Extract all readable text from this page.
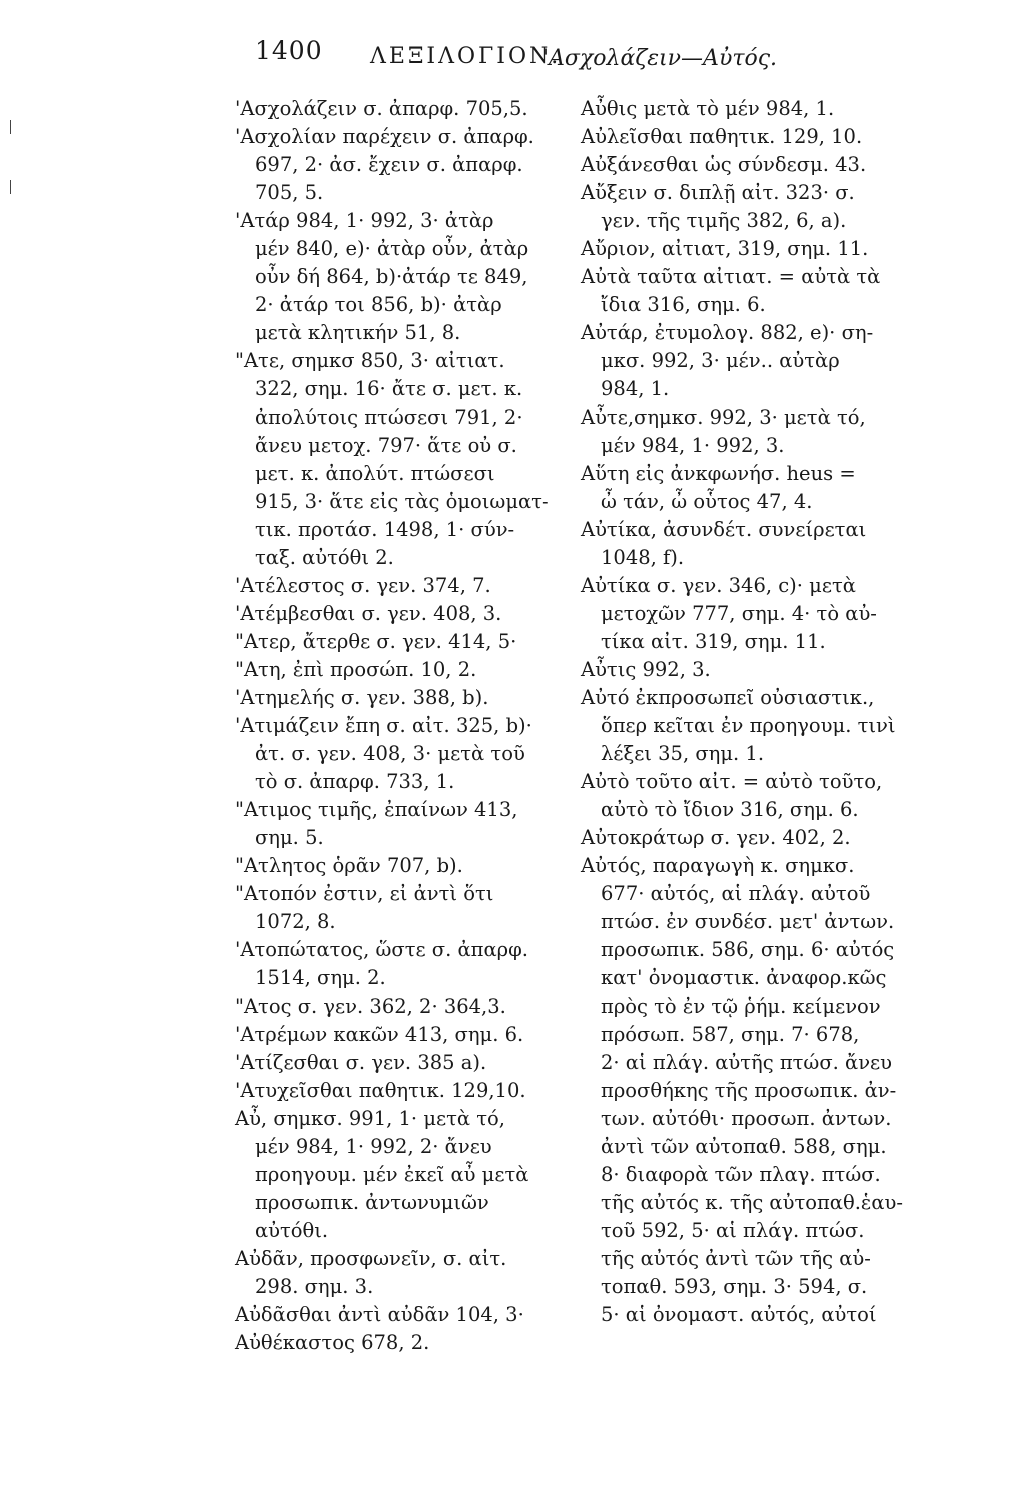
1400 ΛΕΞΙΛΟΓΙΟΝ.
'Ασχολάζειν—Αὐτός.

'Ασχολάζειν σ. ἀπαρφ. 705,5.

'Ασχολίαν παρέχειν σ. ἀπαρφ.
697, 2· ἀσ. ἔχειν σ. ἀπαρφ.
705, 5.

'Ατάρ 984, 1· 992, 3· ἀτὰρ
μέν 840, e)· ἀτὰρ οὖν, ἀτὰρ
οὖν δή 864, b)·ἀτάρ τε 849,
2· ἀτάρ τοι 856, b)· ἀτὰρ
μετὰ κλητικήν 51, 8.

"Ατε, σημκσ 850, 3· αἰτιατ.
322, σημ. 16· ἄτε σ. μετ. κ.
ἀπολύτοις πτώσεσι 791, 2·
ἄνευ μετοχ. 797· ἅτε οὐ σ.
μετ. κ. ἀπολύτ. πτώσεσι
915, 3· ἅτε εἰς τὰς ὁμοιωματ-
τικ. προτάσ. 1498, 1· σύν-
ταξ. αὐτόθι 2.

'Ατέλεστος σ. γεν. 374, 7.

'Ατέμβεσθαι σ. γεν. 408, 3.

"Ατερ, ἄτερθε σ. γεν. 414, 5·

"Ατη, ἐπὶ προσώπ. 10, 2.

'Ατημελής σ. γεν. 388, b).

'Ατιμάζειν ἔπη σ. αἰτ. 325, b)·
ἀτ. σ. γεν. 408, 3· μετὰ τοῦ
τὸ σ. ἀπαρφ. 733, 1.

"Ατιμος τιμῆς, ἐπαίνων 413,
σημ. 5.

"Ατλητος ὁρᾶν 707, b).

"Ατοπόν ἐστιν, εἰ ἀντὶ ὅτι
1072, 8.

'Ατοπώτατος, ὥστε σ. ἀπαρφ.
1514, σημ. 2.

"Ατος σ. γεν. 362, 2· 364,3.

'Ατρέμων κακῶν 413, σημ. 6.

'Ατίζεσθαι σ. γεν. 385 a).

'Ατυχεῖσθαι παθητικ. 129,10.

Αὖ, σημκσ. 991, 1· μετὰ τό,
μέν 984, 1· 992, 2· ἄνευ
προηγουμ. μέν ἐκεῖ αὖ μετὰ
προσωπικ. ἀντωνυμιῶν αὐτόθι.

Αὐδᾶν, προσφωνεῖν, σ. αἰτ.
298. σημ. 3.

Αὐδᾶσθαι ἀντὶ αὐδᾶν 104, 3·

Αὐθέκαστος 678, 2.

Αὖθις μετὰ τὸ μέν 984, 1.

Αὐλεῖσθαι παθητικ. 129, 10.

Αὐξάνεσθαι ὡς σύνδεσμ. 43.

Αὔξειν σ. διπλῇ αἰτ. 323· σ.
γεν. τῆς τιμῆς 382, 6, a).

Αὔριον, αἰτιατ, 319, σημ. 11.

Αὐτὰ ταῦτα αἰτιατ. = αὐτὰ τὰ
ἴδια 316, σημ. 6.

Αὐτάρ, ἐτυμολογ. 882, e)· ση-
μκσ. 992, 3· μέν.. αὐτὰρ
984, 1.

Αὖτε,σημκσ. 992, 3· μετὰ τό,
μέν 984, 1· 992, 3.

Αὕτη εἰς ἀνκφωνήσ. heus =
ὦ τάν, ὦ οὗτος 47, 4.

Αὐτίκα, ἀσυνδέτ. συνείρεται
1048, f).

Αὐτίκα σ. γεν. 346, c)· μετὰ
μετοχῶν 777, σημ. 4· τὸ αὐ-
τίκα αἰτ. 319, σημ. 11.

Αὖτις 992, 3.

Αὐτό ἐκπροσωπεῖ οὐσιαστικ.,
ὅπερ κεῖται ἐν προηγουμ. τινὶ
λέξει 35, σημ. 1.

Αὐτὸ τοῦτο αἰτ. = αὐτὸ τοῦτο,
αὐτὸ τὸ ἴδιον 316, σημ. 6.

Αὐτοκράτωρ σ. γεν. 402, 2.

Αὐτός, παραγωγὴ κ. σημκσ.
677· αὐτός, αἱ πλάγ. αὐτοῦ
πτώσ. ἐν συνδέσ. μετ' ἀντων.
προσωπικ. 586, σημ. 6· αὐτός
κατ' ὀνομαστικ. ἀναφορ.κῶς
πρὸς τὸ ἐν τῷ ῥήμ. κείμενον
πρόσωπ. 587, σημ. 7· 678,
2· αἱ πλάγ. αὐτῆς πτώσ. ἄνευ
προσθήκης τῆς προσωπικ. ἀν-
των. αὐτόθι· προσωπ. ἀντων.
ἀντὶ τῶν αὐτοπαθ. 588, σημ.
8· διαφορὰ τῶν πλαγ. πτώσ.
τῆς αὐτός κ. τῆς αὐτοπαθ.ἑαυ-
τοῦ 592, 5· αἱ πλάγ. πτώσ.
τῆς αὐτός ἀντὶ τῶν τῆς αὐ-
τοπαθ. 593, σημ. 3· 594, σ.
5· αἱ ὀνομαστ. αὐτός, αὐτοί
